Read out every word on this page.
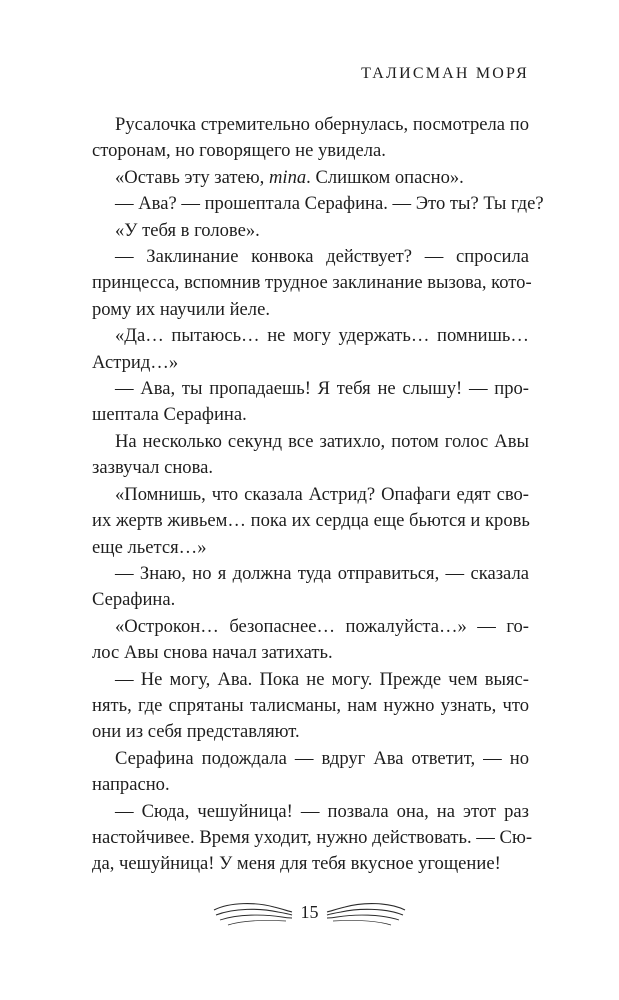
ТАЛИСМАН МОРЯ
Русалочка стремительно обернулась, посмотрела по
сторонам, но говорящего не увидела.
«Оставь эту затею, mina. Слишком опасно».
— Ава? — прошептала Серафина. — Это ты? Ты где?
«У тебя в голове».
— Заклинание конвока действует? — спросила
принцесса, вспомнив трудное заклинание вызова, кото-
рому их научили йеле.
«Да… пытаюсь… не могу удержать… помнишь…
Астрид…»
— Ава, ты пропадаешь! Я тебя не слышу! — про-
шептала Серафина.
На несколько секунд все затихло, потом голос Авы
зазвучал снова.
«Помнишь, что сказала Астрид? Опафаги едят сво-
их жертв живьем… пока их сердца еще бьются и кровь
еще льется…»
— Знаю, но я должна туда отправиться, — сказала
Серафина.
«Острокон… безопаснее… пожалуйста…» — го-
лос Авы снова начал затихать.
— Не могу, Ава. Пока не могу. Прежде чем выяс-
нять, где спрятаны талисманы, нам нужно узнать, что
они из себя представляют.
Серафина подождала — вдруг Ава ответит, — но
напрасно.
— Сюда, чешуйница! — позвала она, на этот раз
настойчивее. Время уходит, нужно действовать. — Сю-
да, чешуйница! У меня для тебя вкусное угощение!
15
